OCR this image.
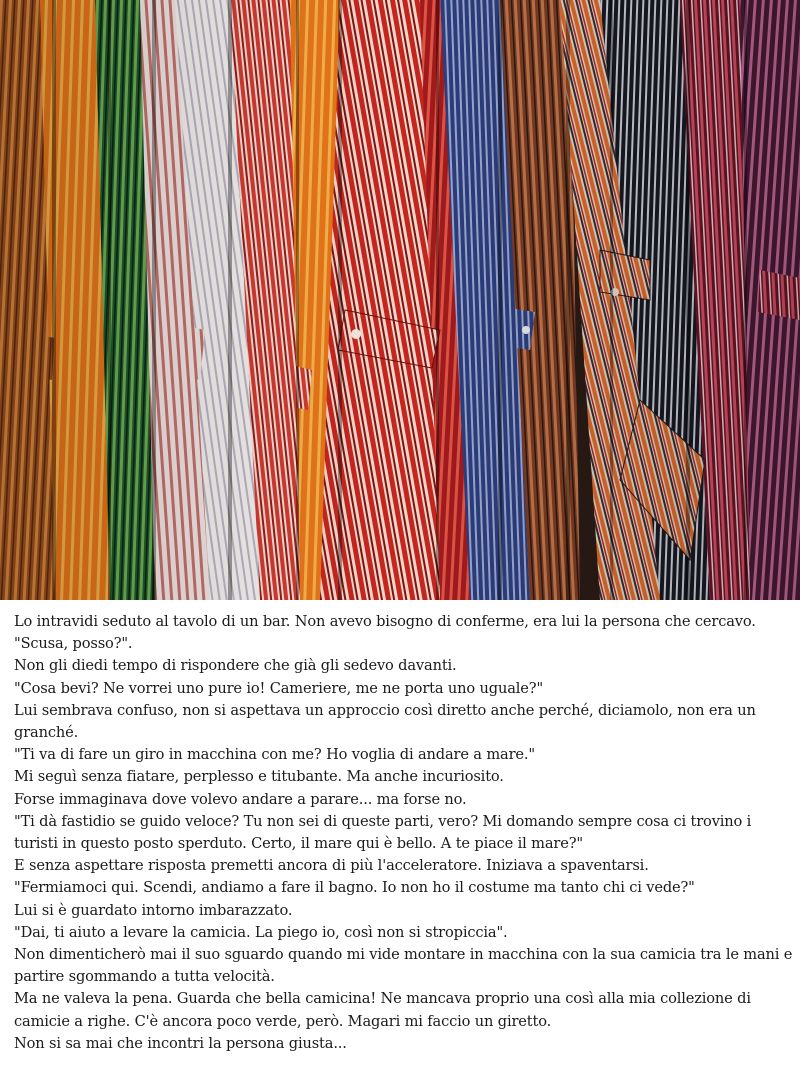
Lo intravidi seduto al tavolo di un bar. Non avevo bisogno di conferme, era lui la persona che cercavo.

"Scusa, posso?".

Non gli diedi tempo di rispondere che già gli sedevo davanti.

"Cosa bevi? Ne vorrei uno pure io! Cameriere, me ne porta uno uguale?"

Lui sembrava confuso, non si aspettava un approccio così diretto anche perché, diciamolo, non era un granché.

"Ti va di fare un giro in macchina con me? Ho voglia di andare a mare."

Mi seguì senza fiatare, perplesso e titubante. Ma anche incuriosito.

Forse immaginava dove volevo andare a parare... ma forse no.

"Ti dà fastidio se guido veloce? Tu non sei di queste parti, vero? Mi domando sempre cosa ci trovino i turisti in questo posto sperduto. Certo, il mare qui è bello. A te piace il mare?"

E senza aspettare risposta premetti ancora di più l'acceleratore. Iniziava a spaventarsi.

"Fermiamoci qui. Scendi, andiamo a fare il bagno. Io non ho il costume ma tanto chi ci vede?"

Lui si è guardato intorno imbarazzato.

"Dai, ti aiuto a levare la camicia. La piego io, così non si stropiccia".

Non dimenticherò mai il suo sguardo quando mi vide montare in macchina con la sua camicia tra le mani e partire sgommando a tutta velocità.

Ma ne valeva la pena. Guarda che bella camicina! Ne mancava proprio una così alla mia collezione di camicie a righe. C'è ancora poco verde, però. Magari mi faccio un giretto.

Non si sa mai che incontri la persona giusta...
